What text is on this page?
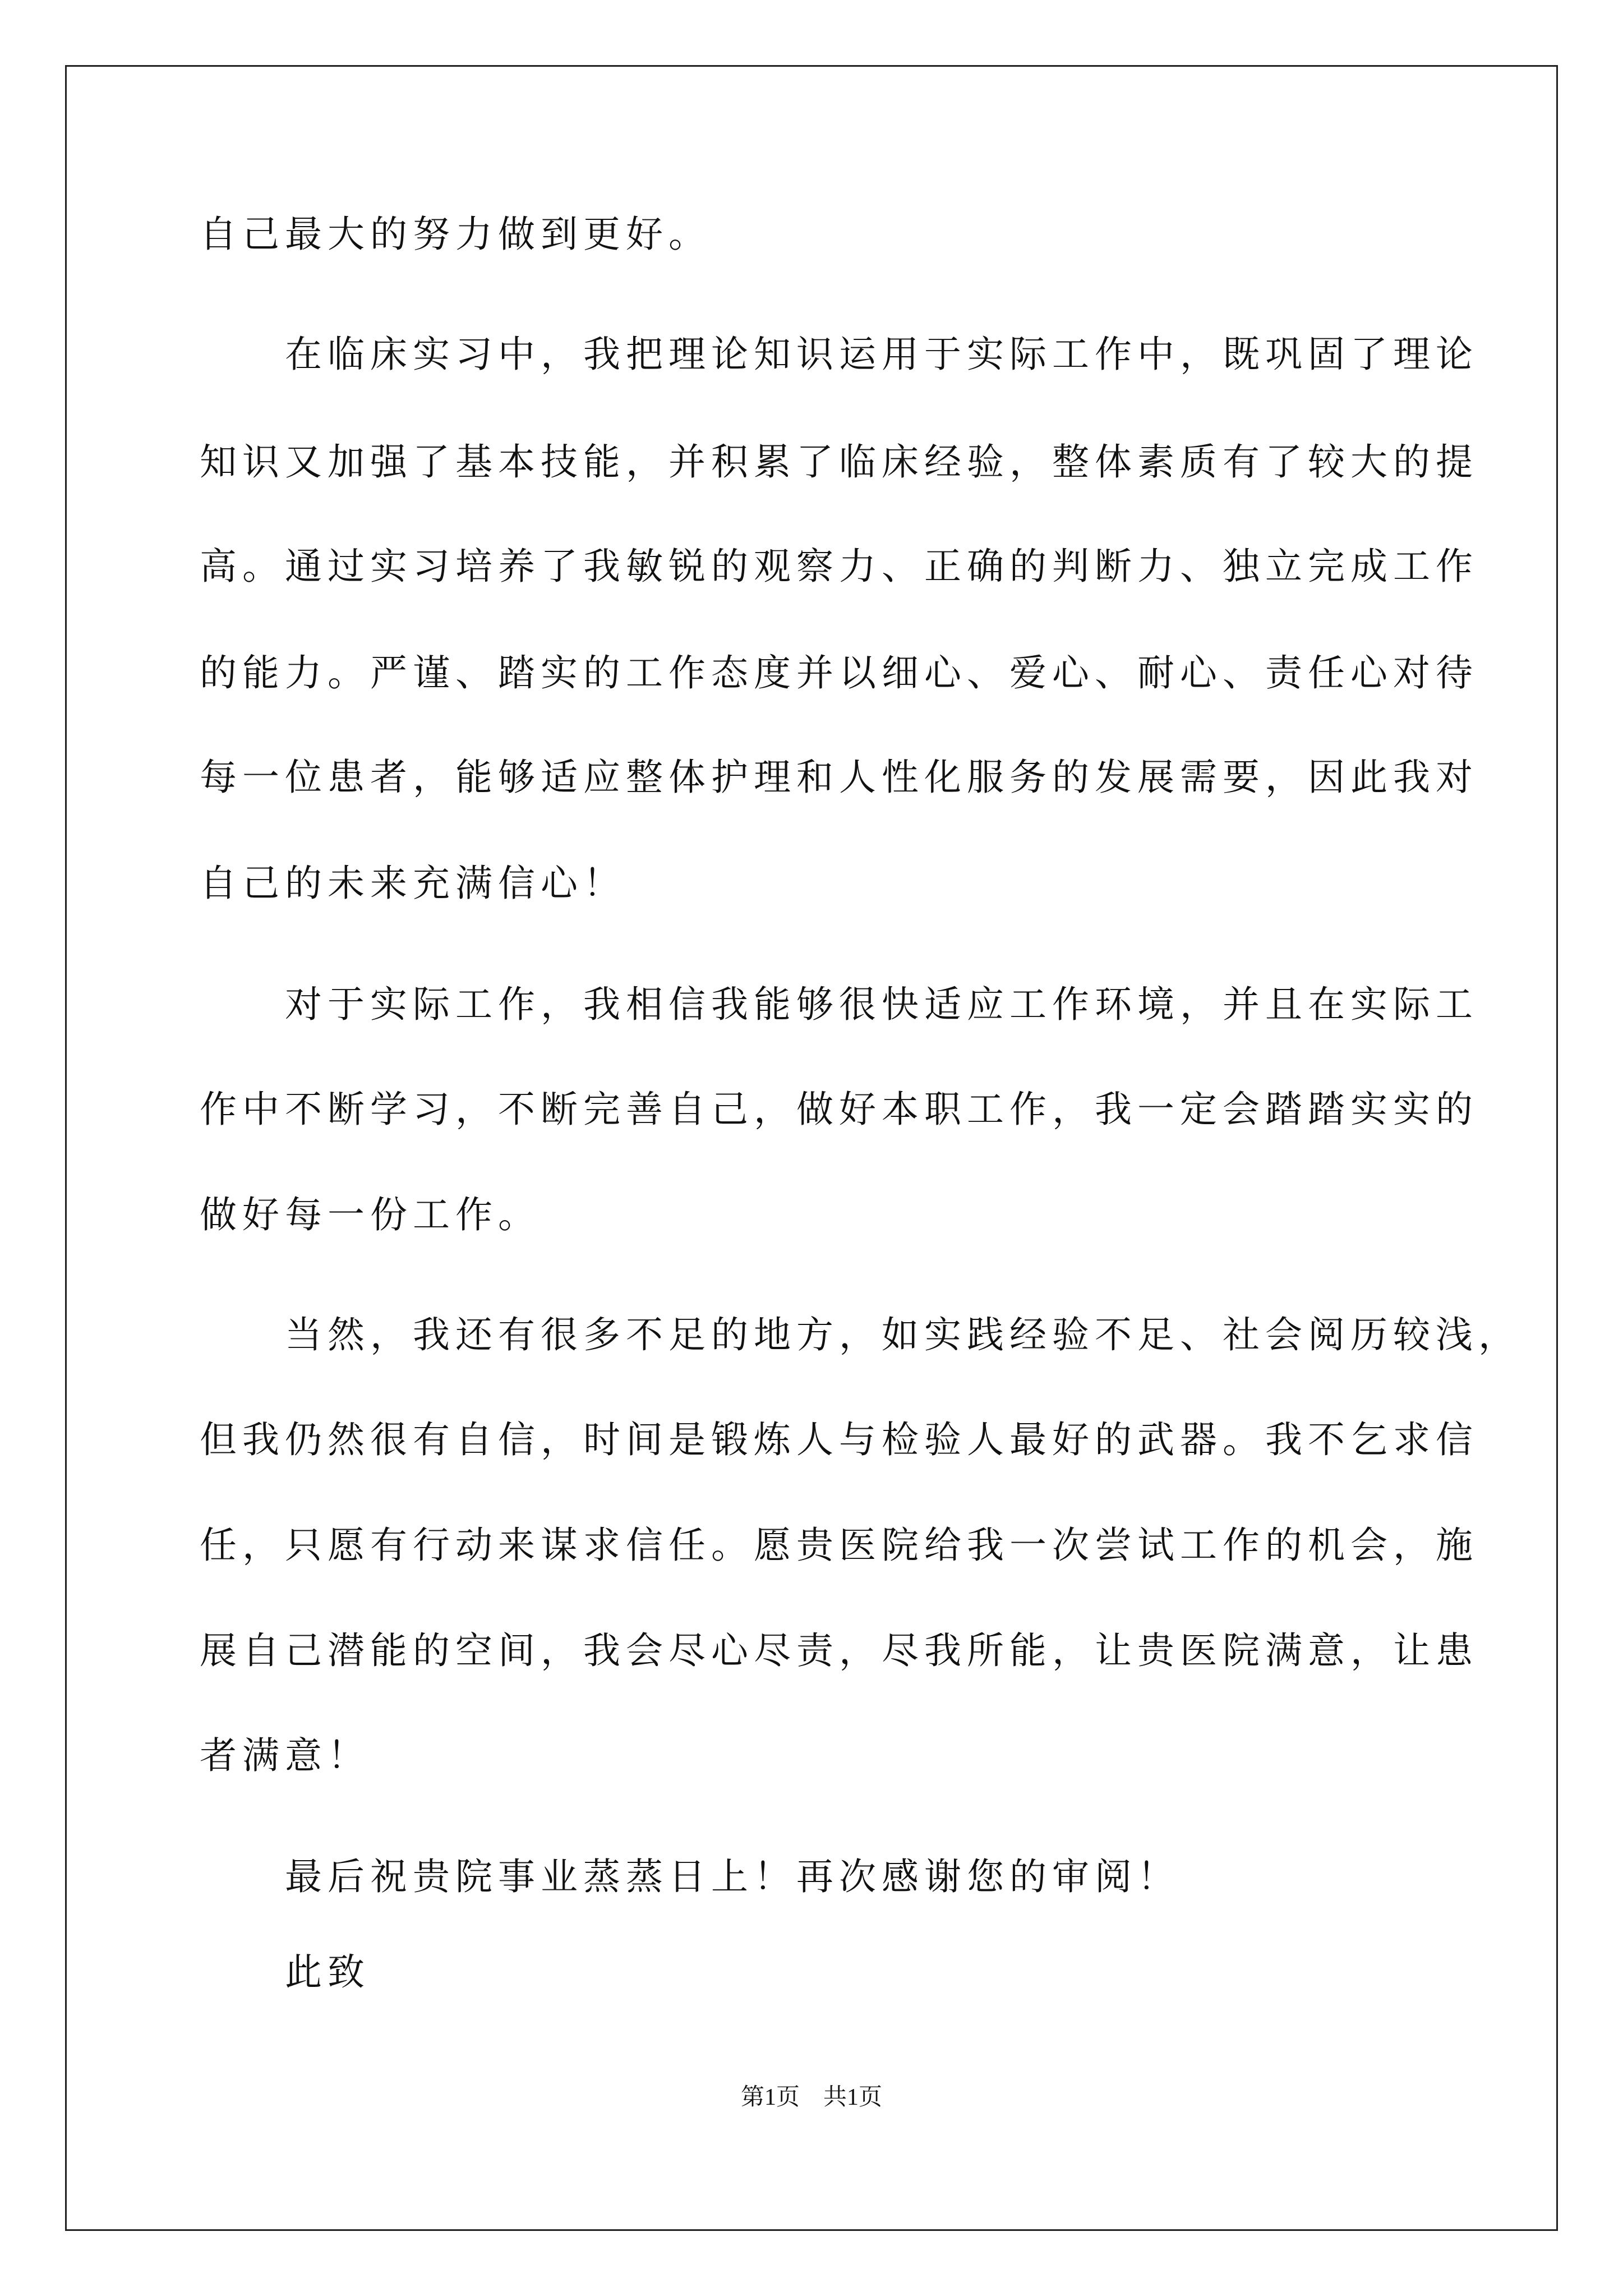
自己最大的努力做到更好。
　　在临床实习中，我把理论知识运用于实际工作中，既巩固了理论
知识又加强了基本技能，并积累了临床经验，整体素质有了较大的提
高。通过实习培养了我敏锐的观察力、正确的判断力、独立完成工作
的能力。严谨、踏实的工作态度并以细心、爱心、耐心、责任心对待
每一位患者，能够适应整体护理和人性化服务的发展需要，因此我对
自己的未来充满信心！
　　对于实际工作，我相信我能够很快适应工作环境，并且在实际工
作中不断学习，不断完善自己，做好本职工作，我一定会踏踏实实的
做好每一份工作。
　　当然，我还有很多不足的地方，如实践经验不足、社会阅历较浅，
但我仍然很有自信，时间是锻炼人与检验人最好的武器。我不乞求信
任，只愿有行动来谋求信任。愿贵医院给我一次尝试工作的机会，施
展自己潜能的空间，我会尽心尽责，尽我所能，让贵医院满意，让患
者满意！
　　最后祝贵院事业蒸蒸日上！再次感谢您的审阅！
　　此致
第1页　共1页
